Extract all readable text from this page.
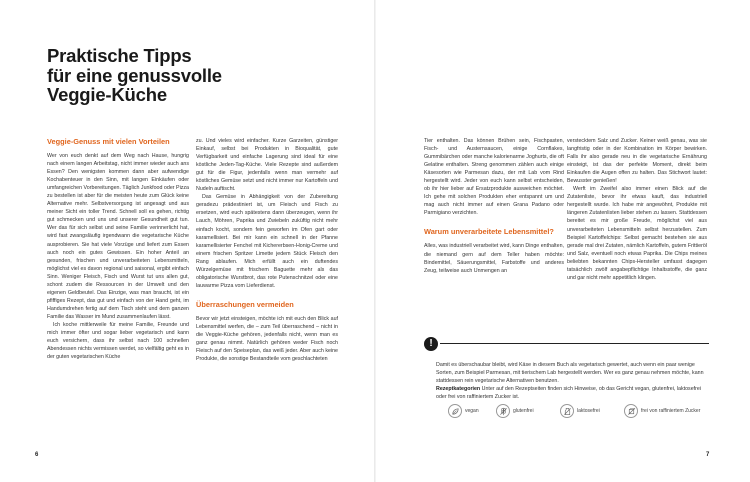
Praktische Tipps
für eine genussvolle
Veggie-Küche
Veggie-Genuss mit vielen Vorteilen

Wer von euch denkt auf dem Weg nach Hause, hungrig nach einem langen Arbeitstag, nicht immer wieder auch ans Essen? Den wenigsten kommen dann aber aufwendige Kochabenteuer in den Sinn, mit langen Einkäufen oder umfangreichen Vorbereitungen. Täglich Junkfood oder Pizza zu bestellen ist aber für die meisten heute zum Glück keine Alternative mehr. Selbstversorgung ist angesagt und aus meiner Sicht ein toller Trend. Schnell soll es gehen, richtig gut schmecken und uns und unserer Gesundheit gut tun. Wer das für sich selbst und seine Familie verinnerlicht hat, wird fast zwangsläufig irgendwann die vegetarische Küche ausprobieren. Sie hat viele Vorzüge und liefert zum Essen auch noch ein gutes Gewissen. Ein hoher Anteil an gesunden, frischen und unverarbeiteten Lebensmitteln, möglichst viel es davon regional und saisonal, ergibt einfach Sinn. Weniger Fleisch, Fisch und Wurst tut uns allen gut, schont zudem die Ressourcen in der Umwelt und den eigenen Geldbeutel. Das Einzige, was man braucht, ist ein pfiffiges Rezept, das gut und einfach von der Hand geht, im Handumdrehen fertig auf dem Tisch steht und dem ganzen Familie das Wasser im Mund zusammenlaufen lässt.

Ich koche mittlerweile für meine Familie, Freunde und mich immer öfter und sogar lieber vegetarisch und kann euch versichern, dass ihr selbst nach 100 schnellen Abendessen nichts vermissen werdet, so vielfältig geht es in der guten vegetarischen Küche

zu. Und vieles wird einfacher. Kurze Garzeiten, günstiger Einkauf, selbst bei Produkten in Bioqualität, gute Verfügbarkeit und einfache Lagerung sind ideal für eine köstliche Jeden-Tag-Küche. Viele Rezepte sind außerdem gut für die Figur, jedenfalls wenn man vermehr auf köstliches Gemüse setzt und nicht immer nur Kartoffeln und Nudeln auftischt.

Das Gemüse in Abhängigkeit von der Zubereitung geradezu prädestiniert ist, um Fleisch und Fisch zu ersetzen, wird euch spätestens dann überzeugen, wenn ihr Lauch, Möhren, Paprika und Zwiebeln zuküftig nicht mehr einfach kocht, sondern fein geworfen im Ofen gart oder karamellisiert. Bei mir kann ein schnell in der Pfanne karamellisierter Fenchel mit Kichererbsen-Honig-Creme und einem frischen Spritzer Limette jedem Stück Fleisch den Rang ablaufen. Mich erfüllt auch ein duftendes Würzelgemüse mit frischem Baguette mehr als das obligatorische Wurstbrot, das rote Putenschnitzel oder eine lauwarme Pizza vom Lieferdienst.

Überraschungen vermeiden

Bevor wir jetzt einsteigen, möchte ich mit euch den Blick auf Lebensmittel werfen, die – zum Teil überraschend – nicht in die Veggie-Küche gehören, jedenfalls nicht, wenn man es ganz genau nimmt. Natürlich gehören weder Fisch noch Fleisch auf den Speiseplan, das weiß jeder. Aber auch keine Produkte, die sonstige Bestandteile vom geschlachteten

Tier enthalten. Das können Brühen sein, Fischpasten, Fisch- und Austernsaucen, einige Cornflakes, Gummibärchen oder manche kalorienarme Joghurts, die oft Gelatine enthalten. Streng genommen zählen auch einige Käsesorten wie Parmesan dazu, der mit Lab vom Rind hergestellt wird. Jeder von euch kann selbst entscheiden, ob ihr hier lieber auf Ersatzprodukte ausweichen möchtet. Ich gehe mit solchen Produkten eher entspannt um und mag auch nicht immer auf einen Grana Padano oder Parmigiano verzichten.

Warum unverarbeitete Lebensmittel?

Alles, was industriell verarbeitet wird, kann Dinge enthalten, die niemand gern auf dem Teller haben möchte: Bindemittel, Säuerungsmittel, Farbstoffe und anderes Zeug, teilweise auch Unmengen an

verstecktem Salz und Zucker. Keiner weiß genau, was sie langfristig oder in der Kombination im Körper bewirken. Falls ihr also gerade neu in die vegetarische Ernährung einsteigt, ist das der perfekte Moment, direkt beim Einkaufen die Augen offen zu halten. Das Stichwort lautet: Bewusster genießen!

Werft im Zweifel also immer einen Blick auf die Zutatenliste, bevor ihr etwas kauft, das industriell hergestellt wurde. Ich habe mir angewöhnt, Produkte mit längeren Zutatenlisten lieber stehen zu lassen. Stattdessen bereitet es mir große Freude, möglichst viel aus unverarbeiteten Lebensmitteln selbst herzustellen. Zum Beispiel Kartoffelchips: Selbst gemacht bestehen sie aus gerade mal drei Zutaten, nämlich Kartoffeln, gutem Frittieröl und Salz, eventuell noch etwas Paprika. Die Chips meines beliebten bekannten Chips-Hersteller umfasst dagegen tatsächlich zwölf angabepflichtige Inhaltsstoffe, die ganz und gar nicht mehr appetitlich klingen.

!
Damit es überschaubar bleibt, wird Käse in diesem Buch als vegetarisch gewertet, auch wenn ein paar wenige Sorten, zum Beispiel Parmesan, mit tierischem Lab hergestellt werden. Wer es ganz genau nehmen möchte, kann stattdessen rein vegetarische Alternativen benutzen.
Rezeptkategorien Unter auf den Rezeptseiten finden sich Hinweise, ob das Gericht vegan, glutenfrei, laktosefrei oder frei von raffiniertem Zucker ist.
vegan	glutenfrei	laktosefrei	frei von raffiniertem Zucker
6	7
